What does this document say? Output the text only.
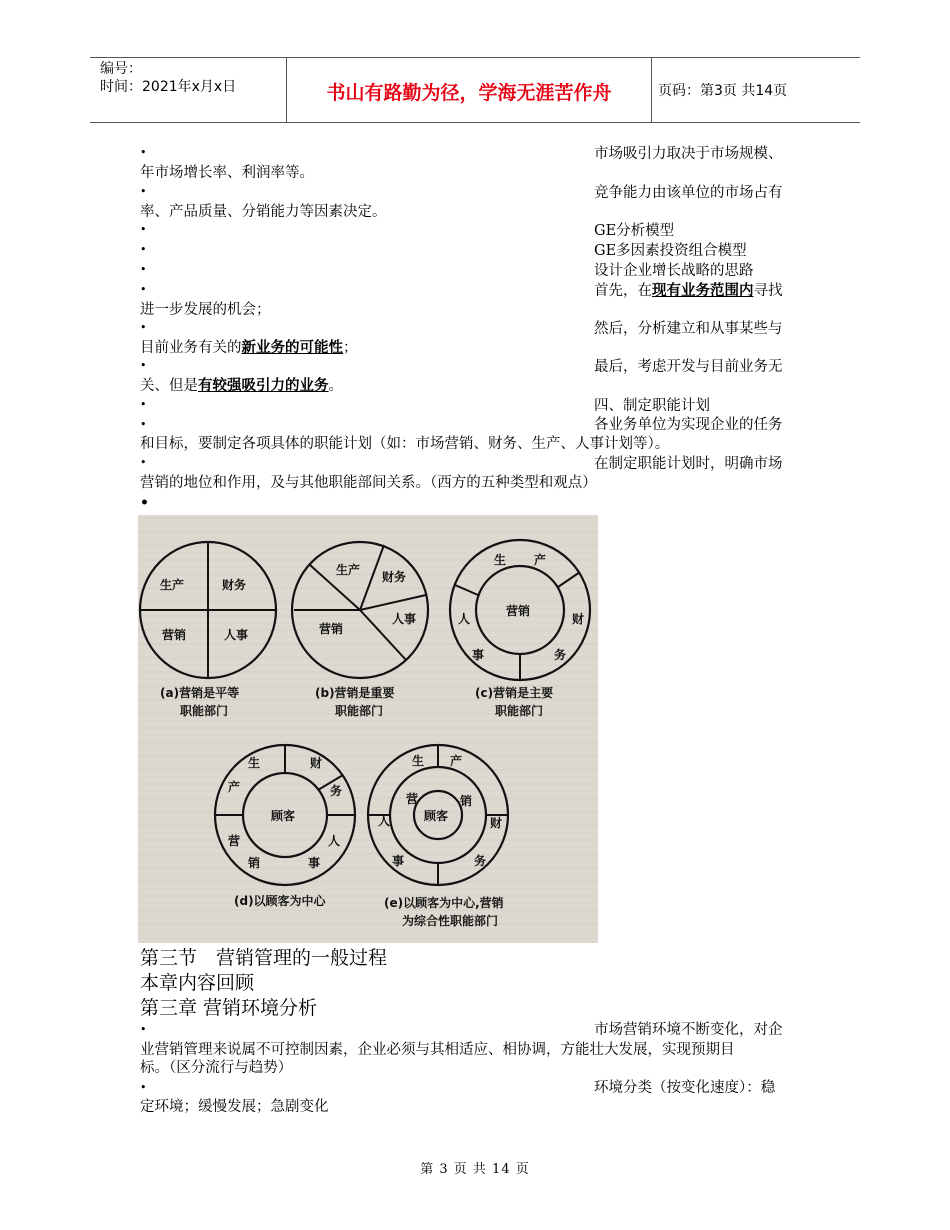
编号：
时间：2021年x月x日	书山有路勤为径，学海无涯苦作舟	页码：第3页 共14页
•	市场吸引力取决于市场规模、
年市场增长率、利润率等。
•	竞争能力由该单位的市场占有
率、产品质量、分销能力等因素决定。
•	GE分析模型
•	GE多因素投资组合模型
•	设计企业增长战略的思路
•	首先，在现有业务范围内寻找
进一步发展的机会；
•	然后，分析建立和从事某些与
目前业务有关的新业务的可能性；
•	最后，考虑开发与目前业务无
关、但是有较强吸引力的业务。
•	四、制定职能计划
•	各业务单位为实现企业的任务
和目标，要制定各项具体的职能计划（如：市场营销、财务、生产、人事计划等）。
•	在制定职能计划时，明确市场
营销的地位和作用，及与其他职能部间关系。（西方的五种类型和观点）
•
生产	财务
营销	人事
(a)营销是平等
职能部门
生产 财务
营销
人事
(b)营销是重要
职能部门
生 产
财
务
人
事
营销
(c)营销是主要
职能部门
生
产
财
务
人
事
营
销
顾客
(d)以顾客为中心
生 产
财
务
人
事
营	销
顾客
(e)以顾客为中心,营销
为综合性职能部门
第三节　营销管理的一般过程
本章内容回顾
第三章 营销环境分析
•	市场营销环境不断变化，对企
业营销管理来说属不可控制因素，企业必须与其相适应、相协调，方能壮大发展，实现预期目
标。（区分流行与趋势）
•	环境分类（按变化速度）：稳
定环境；缓慢发展；急剧变化
第 3 页 共 14 页
